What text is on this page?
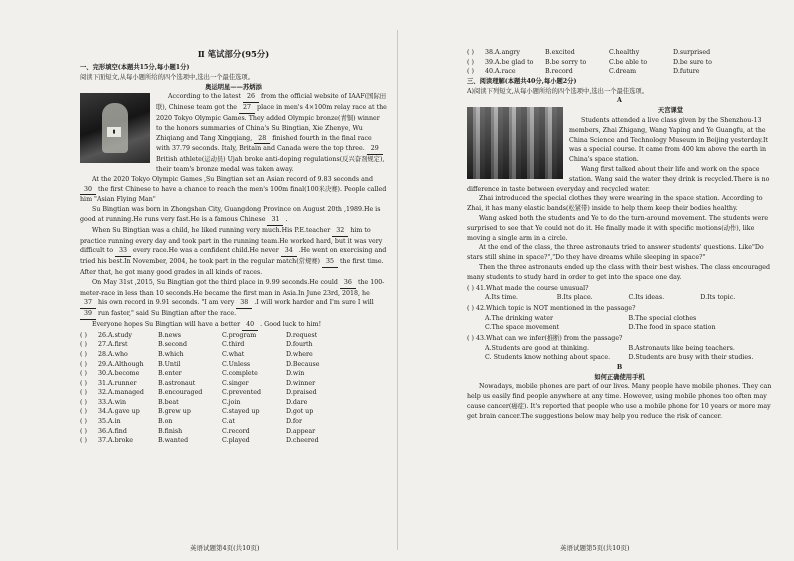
Ⅱ 笔试部分(95分)
一、完形填空(本题共15分,每小题1分)
阅读下面短文,从每小题所给的四个选项中,选出一个最佳选项。
奥运明星——苏炳添
▮

According to the latest 26 from the official website of IAAF(国际田联), Chinese team got the 27 place in men's 4×100m relay race at the 2020 Tokyo Olympic Games. They added Olympic bronze(青铜) winner to the honors summaries of China's Su Bingtian, Xie Zhenye, Wu Zhiqiang and Tang Xingqiang, 28 finished fourth in the final race with 37.79 seconds. Italy, Britain and Canada were the top three. 29 British athlete(运动员) Ujah broke anti-doping regulations(反兴奋剂规定), their team's bronze medal was taken away.

At the 2020 Tokyo Olympic Games ,Su Bingtian set an Asian record of 9.83 seconds and 30 the first Chinese to have a chance to reach the men's 100m final(100米决赛). People called him "Asian Flying Man"

Su Bingtian was born in Zhongshan City, Guangdong Province on August 20th ,1989.He is good at running.He runs very fast.He is a famous Chinese 31 .

When Su Bingtian was a child, he liked running very much.His P.E.teacher 32 him to practice running every day and took part in the running team.He worked hard, but it was very difficult to 33 every race.He was a confident child.He never 34 .He went on exercising and tried his best.In November, 2004, he took part in the regular match(常规赛) 35 the first time. After that, he got many good grades in all kinds of races.

On May 31st ,2015, Su Bingtian got the third place in 9.99 seconds.He could 36 the 100-meter-race in less than 10 seconds.He became the first man in Asia.In June 23rd, 2018, he 37 his own record in 9.91 seconds. "I am very 38 .I will work harder and I'm sure I will 39 run faster," said Su Bingtian after the race.

Everyone hopes Su Bingtian will have a better 40 . Good luck to him!

( )	26.A.study	B.news	C.program	D.request
( )	27.A.first	B.second	C.third	D.fourth
( )	28.A.who	B.which	C.what	D.where
( )	29.A.Although	B.Until	C.Unless	D.Because
( )	30.A.become	B.enter	C.complete	D.win
( )	31.A.runner	B.astronaut	C.singer	D.winner
( )	32.A.managed	B.encouraged	C.prevented	D.praised
( )	33.A.win	B.beat	C.join	D.dare
( )	34.A.gave up	B.grew up	C.stayed up	D.got up
( )	35.A.in	B.on	C.at	D.for
( )	36.A.find	B.finish	C.record	D.appear
( )	37.A.broke	B.wanted	C.played	D.cheered
( )	38.A.angry	B.excited	C.healthy	D.surprised
( )	39.A.be glad to	B.be sorry to	C.be able to	D.be sure to
( )	40.A.race	B.record	C.dream	D.future
三、阅读理解(本题共40分,每小题2分)
A)阅读下列短文,从每小题所给的四个选项中,选出一个最佳选项。
A
天宫课堂

Students attended a live class given by the Shenzhou-13 members, Zhai Zhigang, Wang Yaping and Ye Guangfu, at the China Science and Technology Museum in Beijing yesterday.It was a special course. It came from 400 km above the earth in China's space station.

Wang first talked about their life and work on the space station. Wang said the water they drink is recycled.There is no difference in taste between everyday and recycled water.

Zhai introduced the special clothes they were wearing in the space station. According to Zhai, it has many elastic bands(松紧带) inside to help them keep their bodies healthy.

Wang asked both the students and Ye to do the turn-around movement. The students were surprised to see that Ye could not do it. He finally made it with specific motions(动作), like moving a single arm in a circle.

At the end of the class, the three astronauts tried to answer students' questions. Like"Do stars still shine in space?","Do they have dreams while sleeping in space?"

Then the three astronauts ended up the class with their best wishes. The class encouraged many students to study hard in order to get into the space one day.

( ) 41.What made the course unusual?
A.Its time.	B.Its place.	C.Its ideas.	D.Its topic.
( ) 42.Which topic is NOT mentioned in the passage?
A.The drinking water	B.The special clothes
C.The space movement	D.The food in space station
( ) 43.What can we infer(推断) from the passage?
A.Students are good at thinking.	B.Astronauts like being teachers.
C. Students know nothing about space.	D.Students are busy with their studies.
B
如何正确使用手机

Nowadays, mobile phones are part of our lives. Many people have mobile phones. They can help us easily find people anywhere at any time. However, using mobile phones too often may cause cancer(癌症). It's reported that people who use a mobile phone for 10 years or more may get brain cancer.The suggestions below may help you reduce the risk of cancer.

英语试题第4页(共10页)	英语试题第5页(共10页)
